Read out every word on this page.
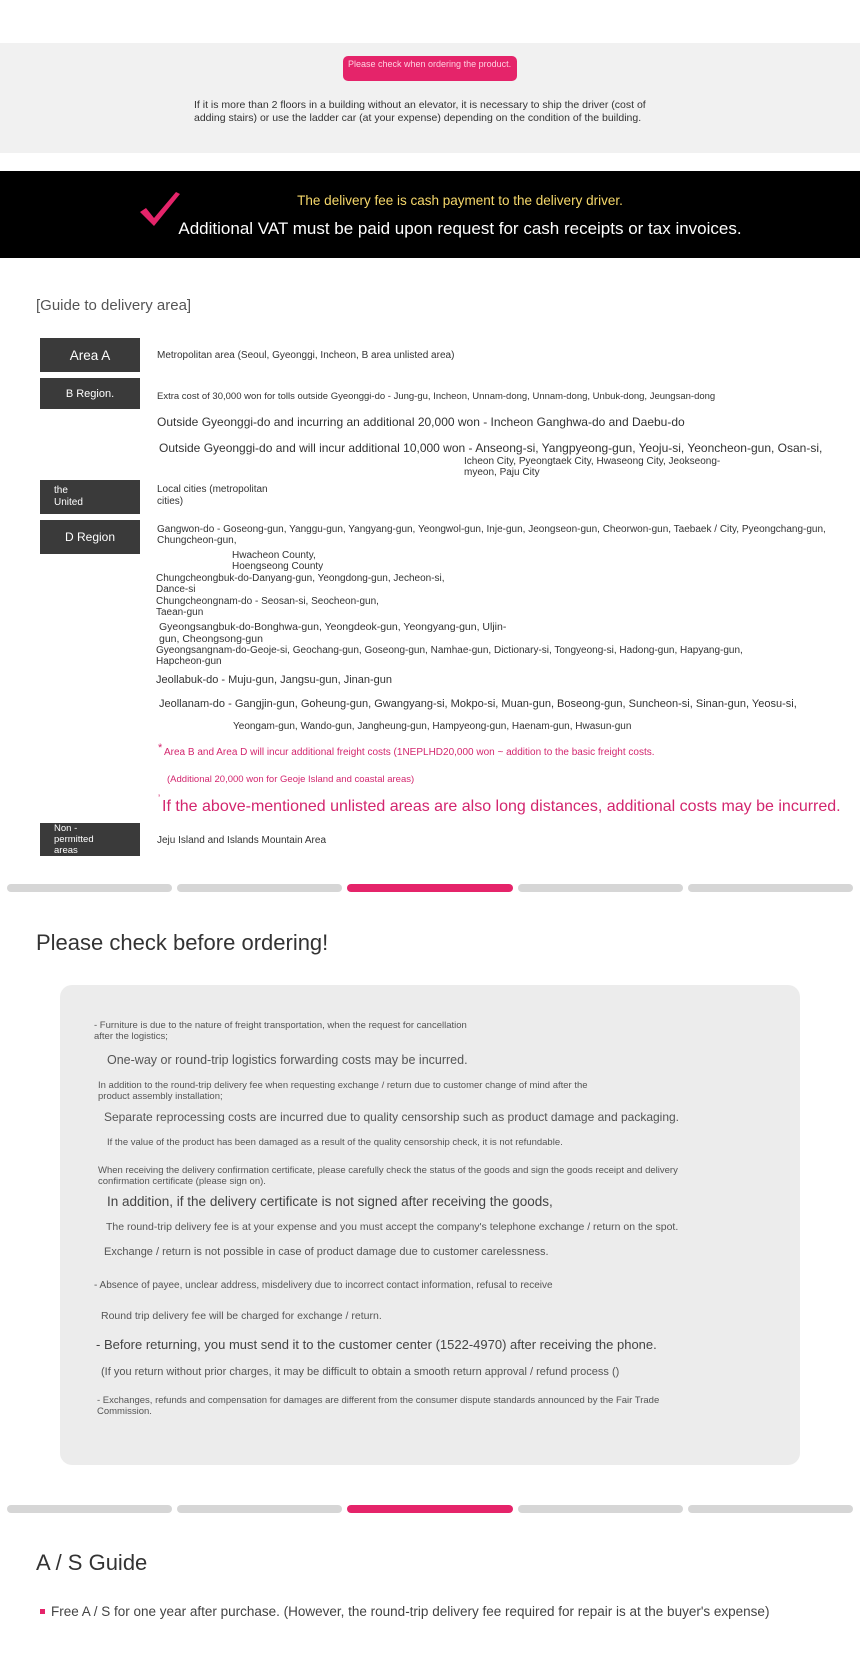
Please check when ordering the product.
If it is more than 2 floors in a building without an elevator, it is necessary to ship the driver (cost of adding stairs) or use the ladder car (at your expense) depending on the condition of the building.
The delivery fee is cash payment to the delivery driver.
Additional VAT must be paid upon request for cash receipts or tax invoices.
[Guide to delivery area]
Area A	Metropolitan area (Seoul, Gyeonggi, Incheon, B area unlisted area)
B Region.	Extra cost of 30,000 won for tolls outside Gyeonggi-do - Jung-gu, Incheon, Unnam-dong, Unnam-dong, Unbuk-dong, Jeungsan-dong
Outside Gyeonggi-do and incurring an additional 20,000 won - Incheon Ganghwa-do and Daebu-do
Outside Gyeonggi-do and will incur additional 10,000 won - Anseong-si, Yangpyeong-gun, Yeoju-si, Yeoncheon-gun, Osan-si,
Icheon City, Pyeongtaek City, Hwaseong City, Jeokseong-
myeon, Paju City
the
United
Local cities (metropolitan
cities)
D Region
Gangwon-do - Goseong-gun, Yanggu-gun, Yangyang-gun, Yeongwol-gun, Inje-gun, Jeongseon-gun, Cheorwon-gun, Taebaek / City, Pyeongchang-gun,
Chungcheon-gun,
Hwacheon County,
Hoengseong County
Chungcheongbuk-do-Danyang-gun, Yeongdong-gun, Jecheon-si,
Dance-si
Chungcheongnam-do - Seosan-si, Seocheon-gun,
Taean-gun
Gyeongsangbuk-do-Bonghwa-gun, Yeongdeok-gun, Yeongyang-gun, Uljin-
gun, Cheongsong-gun
Gyeongsangnam-do-Geoje-si, Geochang-gun, Goseong-gun, Namhae-gun, Dictionary-si, Tongyeong-si, Hadong-gun, Hapyang-gun,
Hapcheon-gun
Jeollabuk-do - Muju-gun, Jangsu-gun, Jinan-gun
Jeollanam-do - Gangjin-gun, Goheung-gun, Gwangyang-si, Mokpo-si, Muan-gun, Boseong-gun, Suncheon-si, Sinan-gun, Yeosu-si,
Yeongam-gun, Wando-gun, Jangheung-gun, Hampyeong-gun, Haenam-gun, Hwasun-gun
* Area B and Area D will incur additional freight costs (1NEPLHD20,000 won ~ addition to the basic freight costs.
(Additional 20,000 won for Geoje Island and coastal areas)
ʼ If the above-mentioned unlisted areas are also long distances, additional costs may be incurred.
Non -
permitted
areas
Jeju Island and Islands Mountain Area
Please check before ordering!
- Furniture is due to the nature of freight transportation, when the request for cancellation
after the logistics;
One-way or round-trip logistics forwarding costs may be incurred.
In addition to the round-trip delivery fee when requesting exchange / return due to customer change of mind after the
product assembly installation;
Separate reprocessing costs are incurred due to quality censorship such as product damage and packaging.
If the value of the product has been damaged as a result of the quality censorship check, it is not refundable.
When receiving the delivery confirmation certificate, please carefully check the status of the goods and sign the goods receipt and delivery
confirmation certificate (please sign on).
In addition, if the delivery certificate is not signed after receiving the goods,
The round-trip delivery fee is at your expense and you must accept the company's telephone exchange / return on the spot.
Exchange / return is not possible in case of product damage due to customer carelessness.
- Absence of payee, unclear address, misdelivery due to incorrect contact information, refusal to receive
Round trip delivery fee will be charged for exchange / return.
- Before returning, you must send it to the customer center (1522-4970) after receiving the phone.
(If you return without prior charges, it may be difficult to obtain a smooth return approval / refund process ()
- Exchanges, refunds and compensation for damages are different from the consumer dispute standards announced by the Fair Trade
Commission.
A / S Guide
Free A / S for one year after purchase. (However, the round-trip delivery fee required for repair is at the buyer's expense)
